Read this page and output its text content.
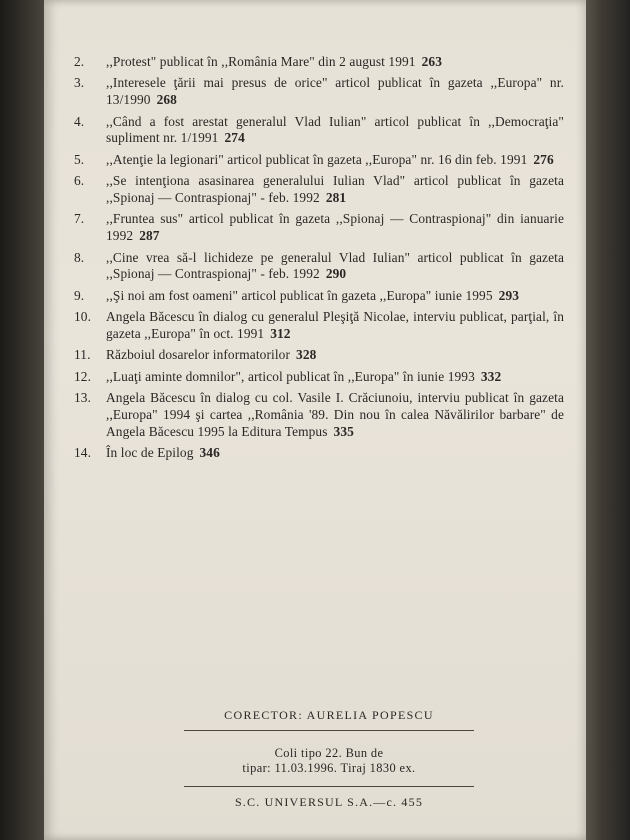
2.	,,Protest" publicat în ,,România Mare" din 2 august 1991 263
3.	,,Interesele ţării mai presus de orice" articol publicat în gazeta ,,Europa" nr. 13/1990 268
4.	,,Când a fost arestat generalul Vlad Iulian" articol publicat în ,,Democraţia" supliment nr. 1/1991 274
5.	,,Atenţie la legionari" articol publicat în gazeta ,,Europa" nr. 16 din feb. 1991 276
6.	,,Se intenţiona asasinarea generalului Iulian Vlad" articol publicat în gazeta ,,Spionaj — Contraspionaj" - feb. 1992 281
7.	,,Fruntea sus" articol publicat în gazeta ,,Spionaj — Contraspionaj" din ianuarie 1992 287
8.	,,Cine vrea să-l lichideze pe generalul Vlad Iulian" articol publicat în gazeta ,,Spionaj — Contraspionaj" - feb. 1992 290
9.	,,Şi noi am fost oameni" articol publicat în gazeta ,,Europa" iunie 1995 293
10.	Angela Băcescu în dialog cu generalul Pleşiţă Nicolae, interviu publicat, parţial, în gazeta ,,Europa" în oct. 1991 312
11.	Războiul dosarelor informatorilor 328
12.	,,Luaţi aminte domnilor", articol publicat în ,,Europa" în iunie 1993 332
13.	Angela Băcescu în dialog cu col. Vasile I. Crăciunoiu, interviu publicat în gazeta ,,Europa" 1994 şi cartea ,,România '89. Din nou în calea Năvălirilor barbare" de Angela Băcescu 1995 la Editura Tempus 335
14.	În loc de Epilog 346
CORECTOR: AURELIA POPESCU
Coli tipo 22. Bun de
tipar: 11.03.1996. Tiraj 1830 ex.
S.C. UNIVERSUL S.A.—c. 455
